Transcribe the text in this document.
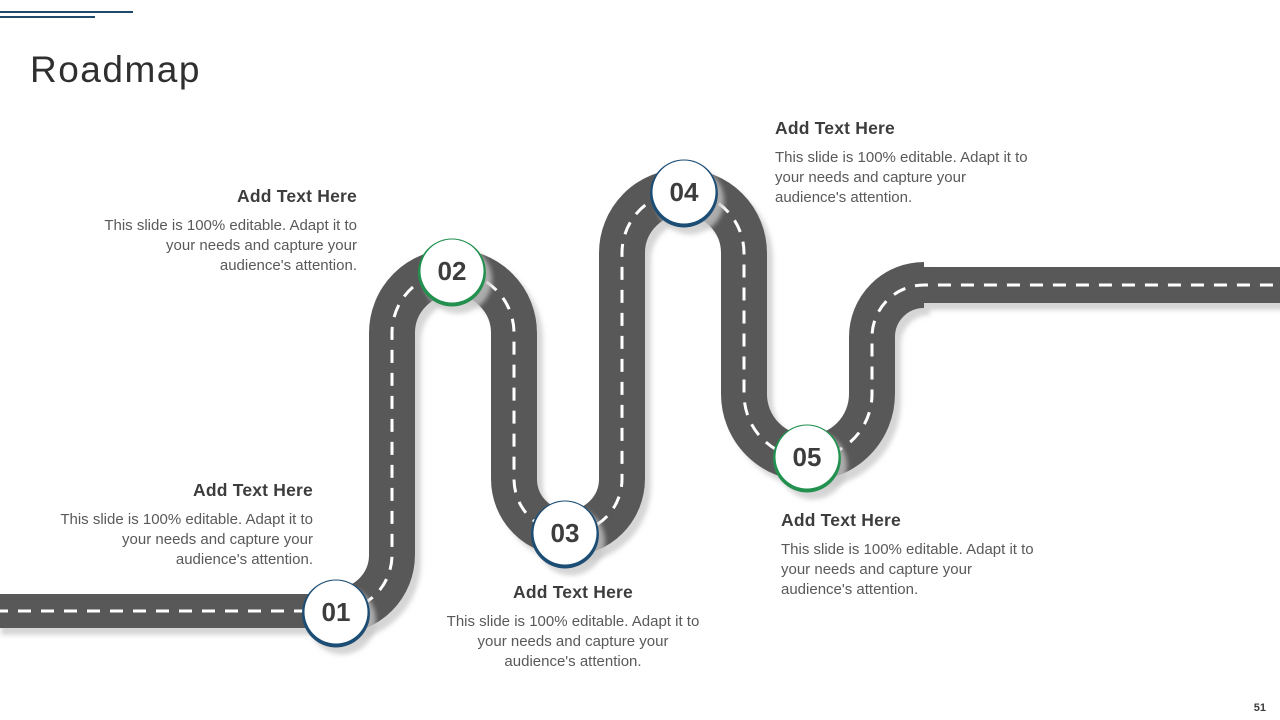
Roadmap
01
02
03
04
05
Add Text Here

This slide is 100% editable. Adapt it to your needs and capture your audience's attention.

Add Text Here

This slide is 100% editable. Adapt it to your needs and capture your audience's attention.

Add Text Here

This slide is 100% editable. Adapt it to your needs and capture your audience's attention.

Add Text Here

This slide is 100% editable. Adapt it to your needs and capture your audience's attention.

Add Text Here

This slide is 100% editable. Adapt it to your needs and capture your audience's attention.

51
